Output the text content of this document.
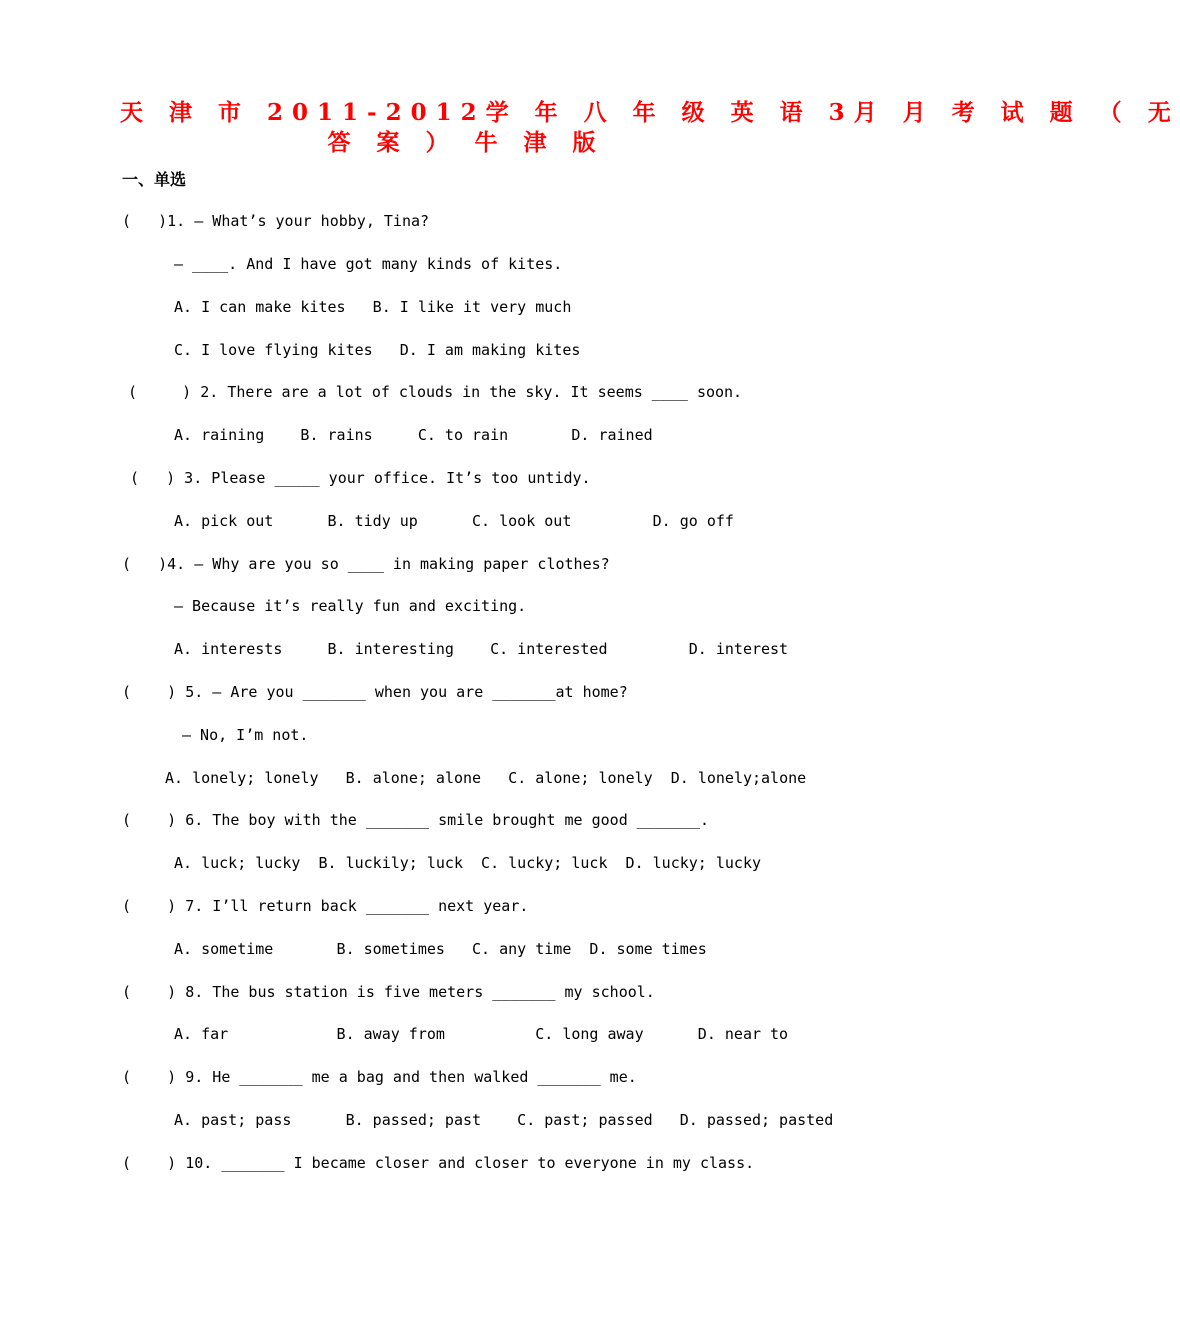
天 津 市 2011-2012学 年 八 年 级 英 语 3月 月 考 试 题 （ 无
答 案 ） 牛 津 版
一、单选
(   )1. — What’s your hobby, Tina?
— ____. And I have got many kinds of kites.
A. I can make kites   B. I like it very much
C. I love flying kites   D. I am making kites
(     ) 2. There are a lot of clouds in the sky. It seems ____ soon.
A. raining    B. rains     C. to rain       D. rained
(   ) 3. Please _____ your office. It’s too untidy.
A. pick out      B. tidy up      C. look out         D. go off
(   )4. — Why are you so ____ in making paper clothes?
— Because it’s really fun and exciting.
A. interests     B. interesting    C. interested         D. interest
(    ) 5. — Are you _______ when you are _______at home?
— No, I’m not.
A. lonely; lonely   B. alone; alone   C. alone; lonely  D. lonely;alone
(    ) 6. The boy with the _______ smile brought me good _______.
A. luck; lucky  B. luckily; luck  C. lucky; luck  D. lucky; lucky
(    ) 7. I’ll return back _______ next year.
A. sometime       B. sometimes   C. any time  D. some times
(    ) 8. The bus station is five meters _______ my school.
A. far            B. away from          C. long away      D. near to
(    ) 9. He _______ me a bag and then walked _______ me.
A. past; pass      B. passed; past    C. past; passed   D. passed; pasted
(    ) 10. _______ I became closer and closer to everyone in my class.
